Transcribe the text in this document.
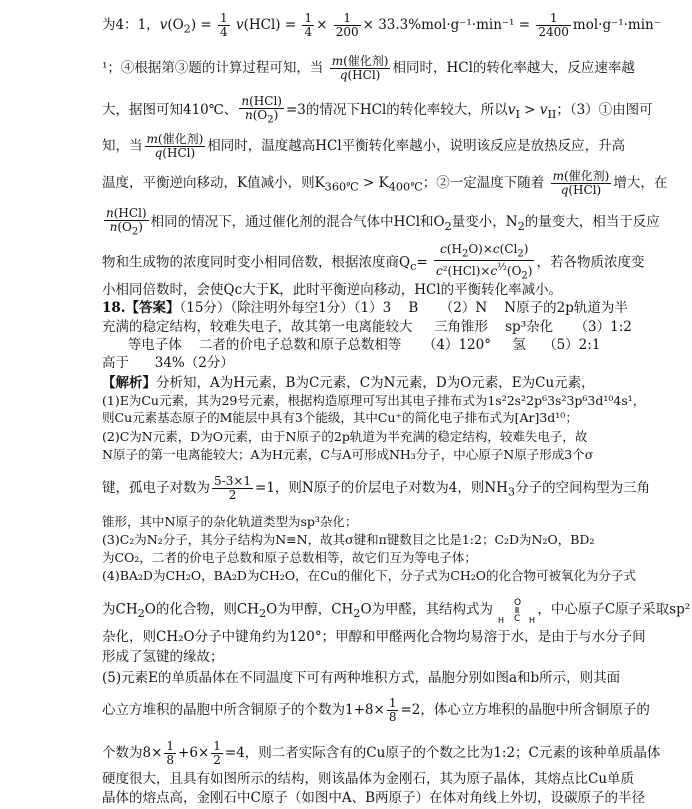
为4：1，$v(O_2) = \frac{1}{4} v(HCl) = \frac{1}{4} \times \frac{1}{200} \times 33.3\%mol\cdot g^{-1}\cdot\min^{-1} = \frac{1}{2400} mol\cdot g^{-1}\cdot\min^-$
¹；④根据第③题的计算过程可知，当 $\frac{\text{m(催化剂)}}{\text{q(HCl)}}$ 相同时，HCl的转化率越大，反应速率越
大，据图可知410℃、 $\frac{\text{n(HCl)}}{n(O_2)} =3$的情况下HCl的转化率较大，所以$v_I > v_{II}$；（3）①由图可
知，当 $\frac{\text{m(催化剂)}}{\text{q(HCl)}}$ 相同时，温度越高HCl平衡转化率越小，说明该反应是放热反应，升高
温度，平衡逆向移动，K值减小，则$K_{360℃} > K_{400℃}$；②一定温度下随着 $\frac{\text{m(催化剂)}}{\text{q(HCl)}}$ 增大，在
$\frac{\text{n(HCl)}}{n(O_2)}$ 相同的情况下，通过催化剂的混合气体中HCl和$O_2$量变小，$N_2$的量变大，相当于反应
物和生成物的浓度同时变小相同倍数，根据浓度商$Q_c= \frac{c(H_2O)\times c(Cl_2)}{c^2(HCl)\times c^{\frac{1}{2}}(O_2)}$ ，若各物质浓度变
小相同倍数时，会使Qc大于K，此时平衡逆向移动，HCl的平衡转化率减小。
18.【答案】（15分）（除注明外每空1分）（1）3    B     （2）N    N原子的2p轨道为半
充满的稳定结构，较难失电子，故其第一电离能较大     三角锥形    sp³杂化     （3）1:2
等电子体    二者的价电子总数和原子总数相等     （4）120°     氢    （5）2:1
高于      34%（2分）
【解析】分析知，A为H元素，B为C元素，C为N元素，D为O元素，E为Cu元素，
(1)E为Cu元素，其为29号元素，根据构造原理可写出其电子排布式为1s²2s²2p⁶3s²3p⁶3d¹⁰4s¹，
则Cu元素基态原子的M能层中具有3个能级，其中Cu⁺的简化电子排布式为[Ar]3d¹⁰；
(2)C为N元素，D为O元素，由于N原子的2p轨道为半充满的稳定结构，较难失电子，故
N原子的第一电离能较大；A为H元素，C与A可形成NH₃分子，中心原子N原子形成3个σ
键，孤电子对数为 $\frac{5-3\times 1}{2} =1$，则N原子的价层电子对数为4，则$NH_3$分子的空间构型为三角
锥形，其中N原子的杂化轨道类型为sp³杂化；
(3)C₂为N₂分子，其分子结构为N≡N，故其σ键和π键数目之比是1:2；C₂D为N₂O，BD₂
为CO₂，二者的价电子总数和原子总数相等，故它们互为等电子体；
(4)BA₂D为CH₂O，BA₂D为CH₂O，在Cu的催化下，分子式为CH₂O的化合物可被氧化为分子式
为$CH_2O$的化合物，则$CH_2O$为甲醇，$CH_2O$为甲醛，其结构式为 O
C
H	H
，中心原子C原子采取sp²
杂化，则CH₂O分子中键角约为120°；甲醇和甲醛两化合物均易溶于水，是由于与水分子间
形成了氢键的缘故；
(5)元素E的单质晶体在不同温度下可有两种堆积方式，晶胞分别如图a和b所示，则其面
心立方堆积的晶胞中所含铜原子的个数为$1+8\times \frac{1}{8} =2$，体心立方堆积的晶胞中所含铜原子的
个数为$8\times \frac{1}{8} +6\times \frac{1}{2} =4$，则二者实际含有的Cu原子的个数之比为1:2；C元素的该种单质晶体
硬度很大，且具有如图所示的结构，则该晶体为金刚石，其为原子晶体，其熔点比Cu单质
晶体的熔点高，金刚石中C原子（如图中A、B两原子）在体对角线上外切，设碳原子的半径
